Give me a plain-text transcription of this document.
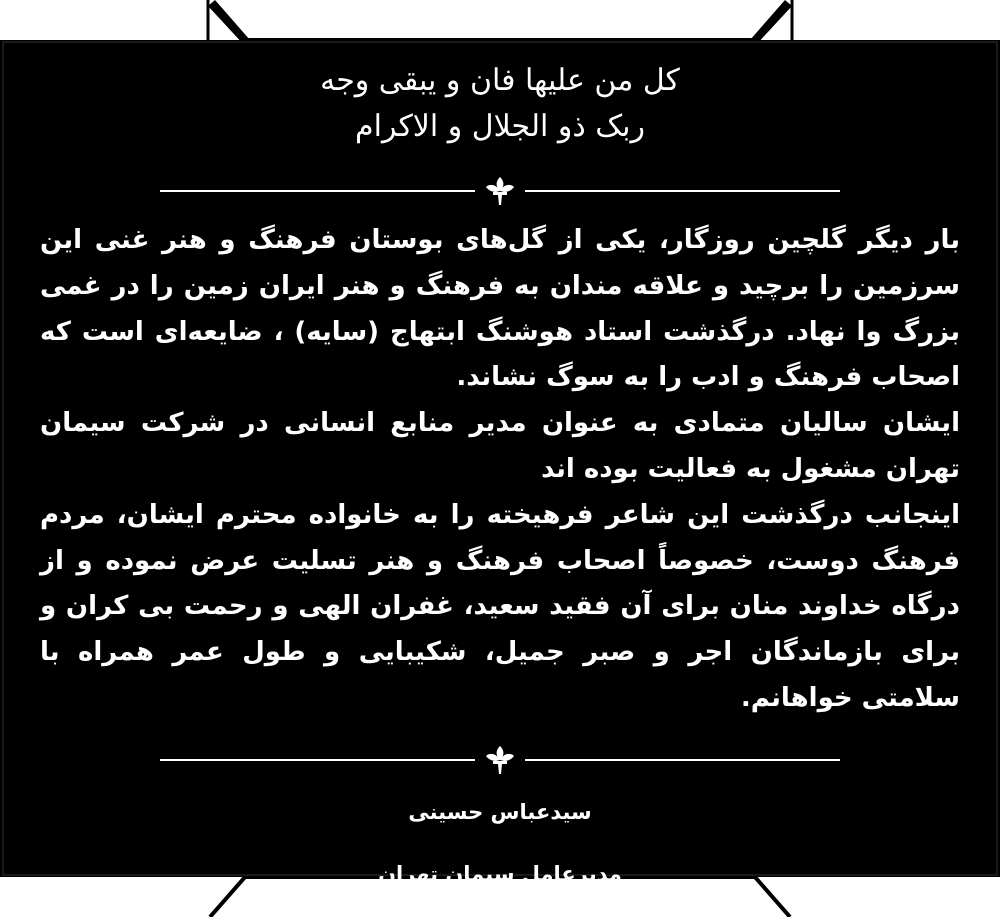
کل من علیها فان و یبقی وجه
ربک ذو الجلال و الاکرام

بار دیگر گلچین روزگار، یکی از گل‌های بوستان فرهنگ و هنر غنی این سرزمین را برچید و علاقه مندان به فرهنگ و هنر ایران زمین را در غمی بزرگ وا نهاد. درگذشت استاد هوشنگ ابتهاج (سایه) ، ضایعه‌ای است که اصحاب فرهنگ و ادب را به سوگ نشاند.

ایشان سالیان متمادی به عنوان مدیر منابع انسانی در شرکت سیمان تهران مشغول به فعالیت بوده اند

اینجانب درگذشت این شاعر فرهیخته را به خانواده محترم ایشان، مردم فرهنگ دوست، خصوصاً اصحاب فرهنگ و هنر تسلیت عرض نموده و از درگاه خداوند منان برای آن فقید سعید، غفران الهی و رحمت بی کران و برای بازماندگان اجر و صبر جمیل، شکیبایی و طول عمر همراه با سلامتی خواهانم.

سیدعباس حسینی
مدیرعامل سیمان تهران
